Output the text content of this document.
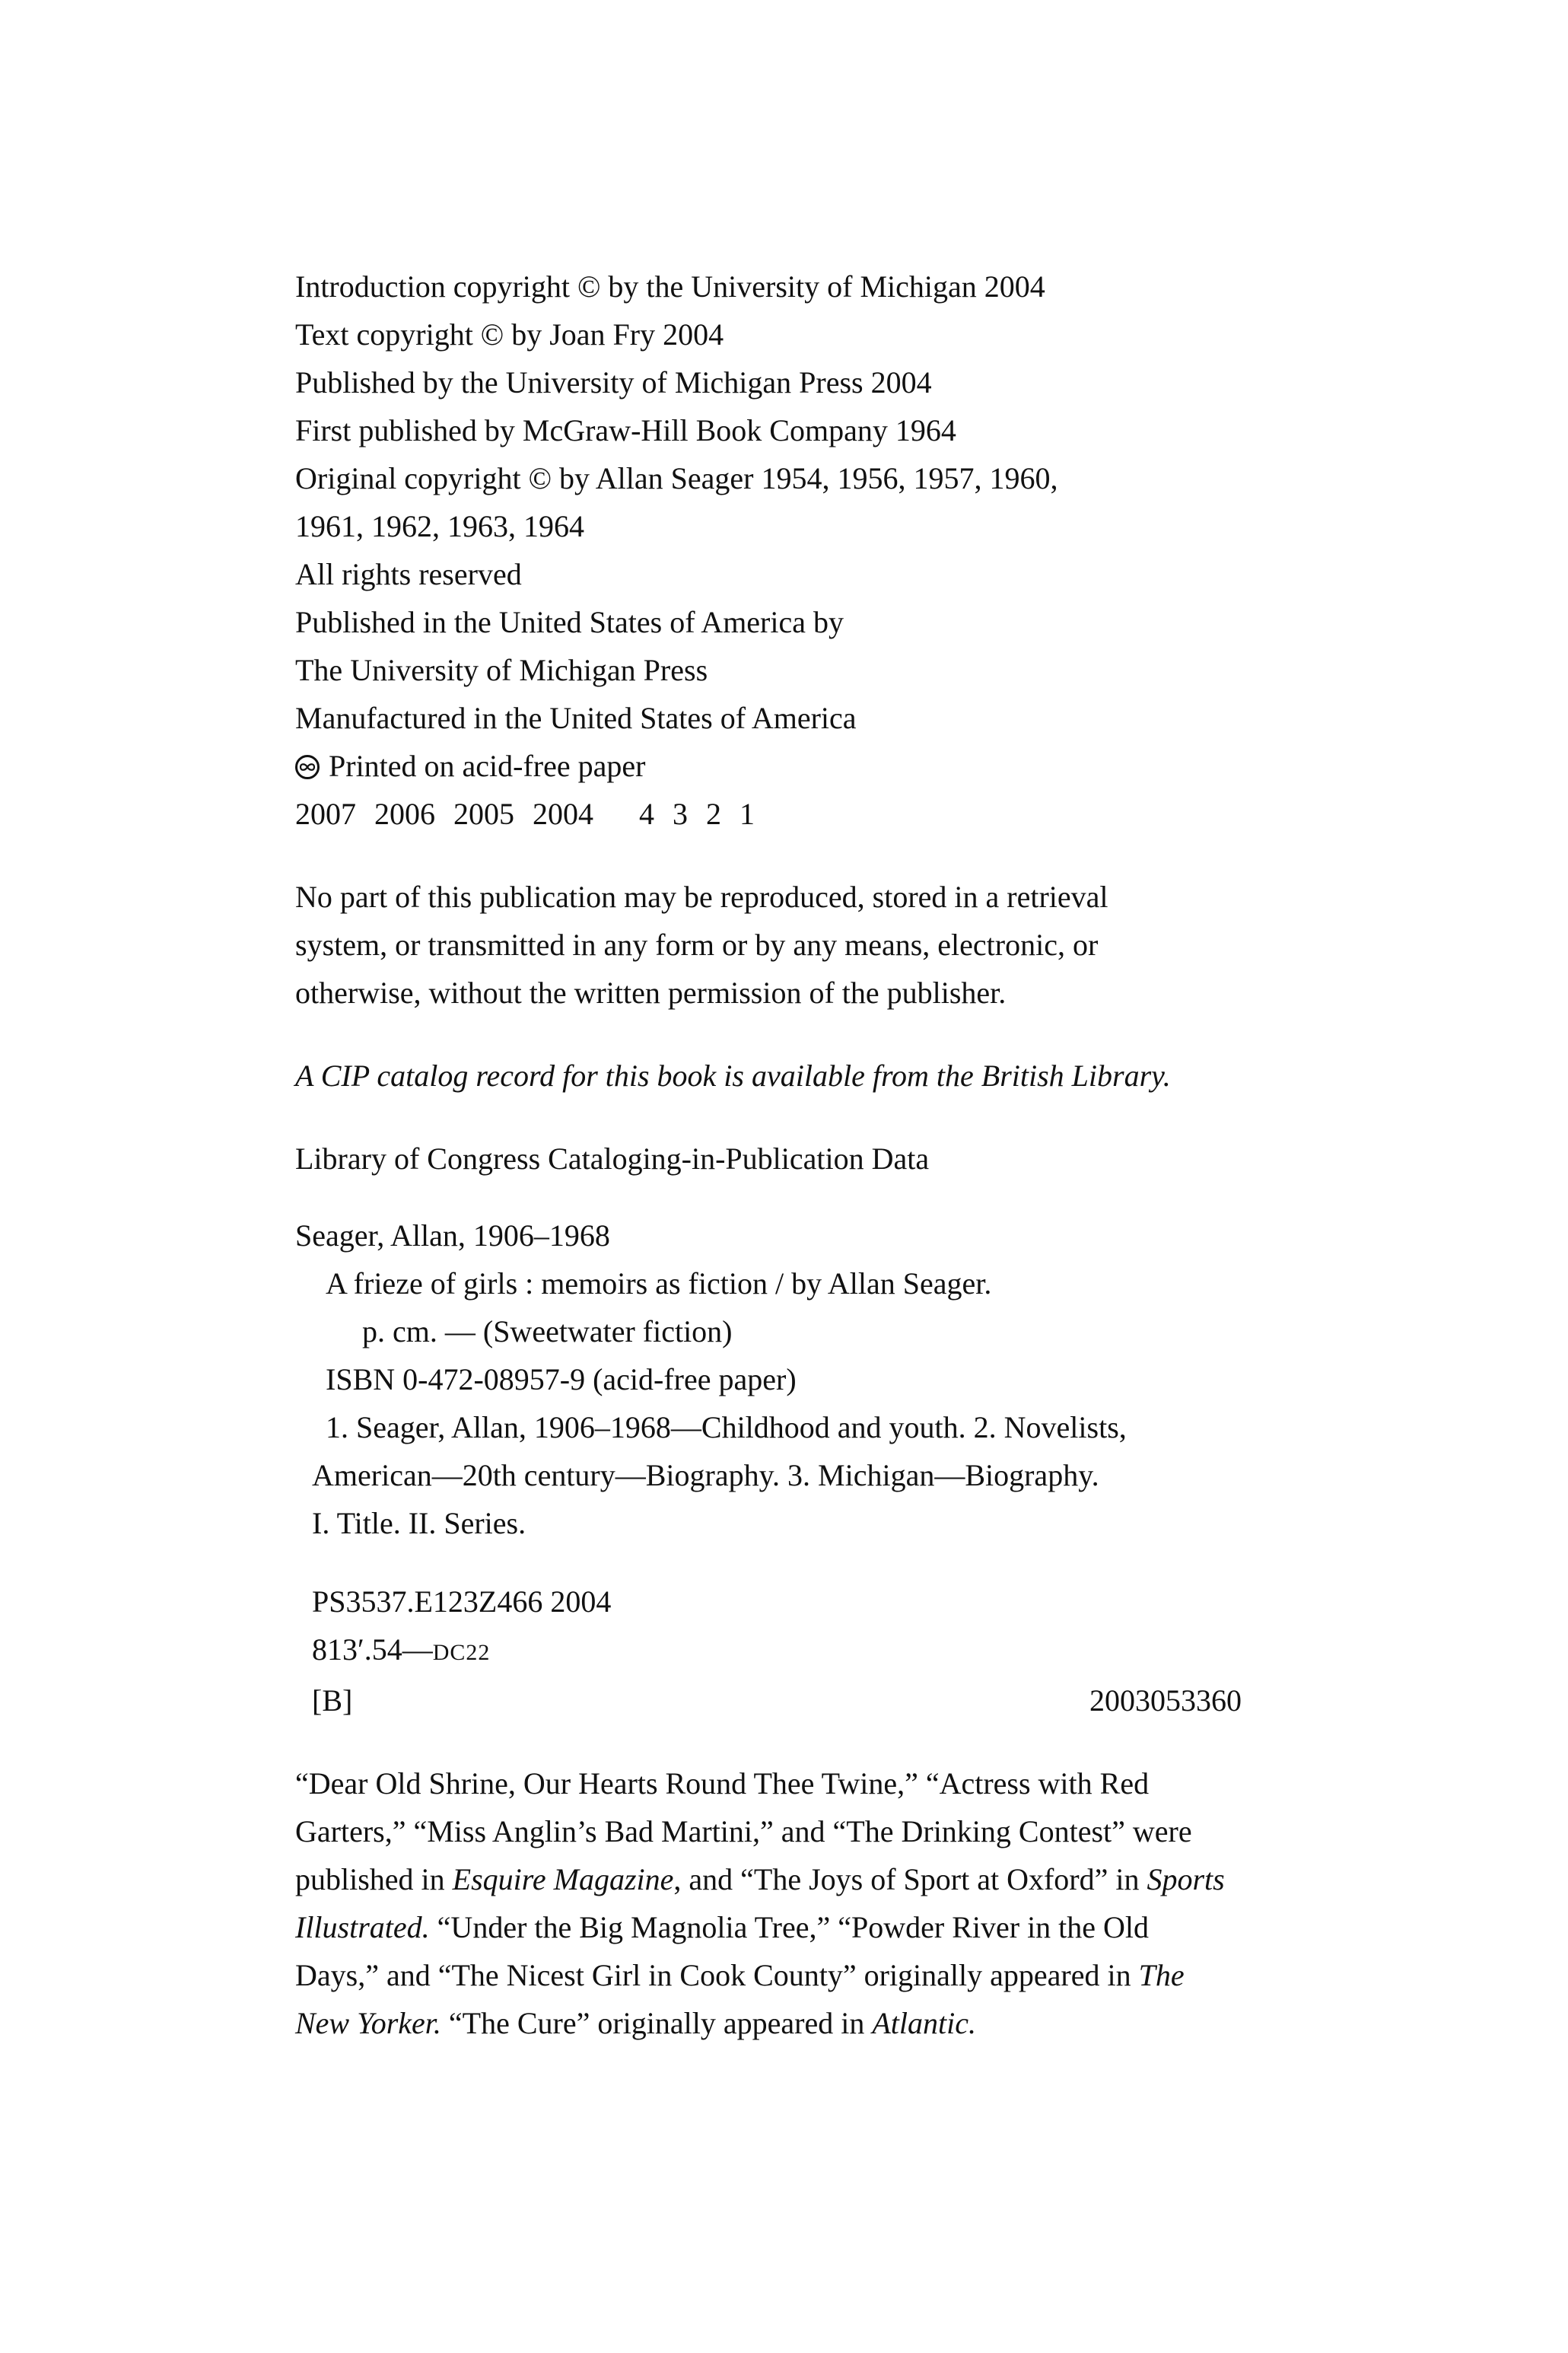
Introduction copyright © by the University of Michigan 2004
Text copyright © by Joan Fry 2004
Published by the University of Michigan Press 2004
First published by McGraw-Hill Book Company 1964
Original copyright © by Allan Seager 1954, 1956, 1957, 1960,
1961, 1962, 1963, 1964
All rights reserved
Published in the United States of America by
The University of Michigan Press
Manufactured in the United States of America
Printed on acid-free paper
2007 2006 2005 2004 4 3 2 1
No part of this publication may be reproduced, stored in a retrieval
system, or transmitted in any form or by any means, electronic, or
otherwise, without the written permission of the publisher.
A CIP catalog record for this book is available from the British Library.
Library of Congress Cataloging-in-Publication Data
Seager, Allan, 1906–1968
A frieze of girls : memoirs as fiction / by Allan Seager.
p. cm. — (Sweetwater fiction)
ISBN 0-472-08957-9 (acid-free paper)
1. Seager, Allan, 1906–1968—Childhood and youth. 2. Novelists,
American—20th century—Biography. 3. Michigan—Biography.
I. Title. II. Series.
PS3537.E123Z466 2004
813′.54—DC22
[B]	2003053360
“Dear Old Shrine, Our Hearts Round Thee Twine,” “Actress with Red
Garters,” “Miss Anglin’s Bad Martini,” and “The Drinking Contest” were
published in Esquire Magazine, and “The Joys of Sport at Oxford” in Sports
Illustrated. “Under the Big Magnolia Tree,” “Powder River in the Old
Days,” and “The Nicest Girl in Cook County” originally appeared in The
New Yorker. “The Cure” originally appeared in Atlantic.
